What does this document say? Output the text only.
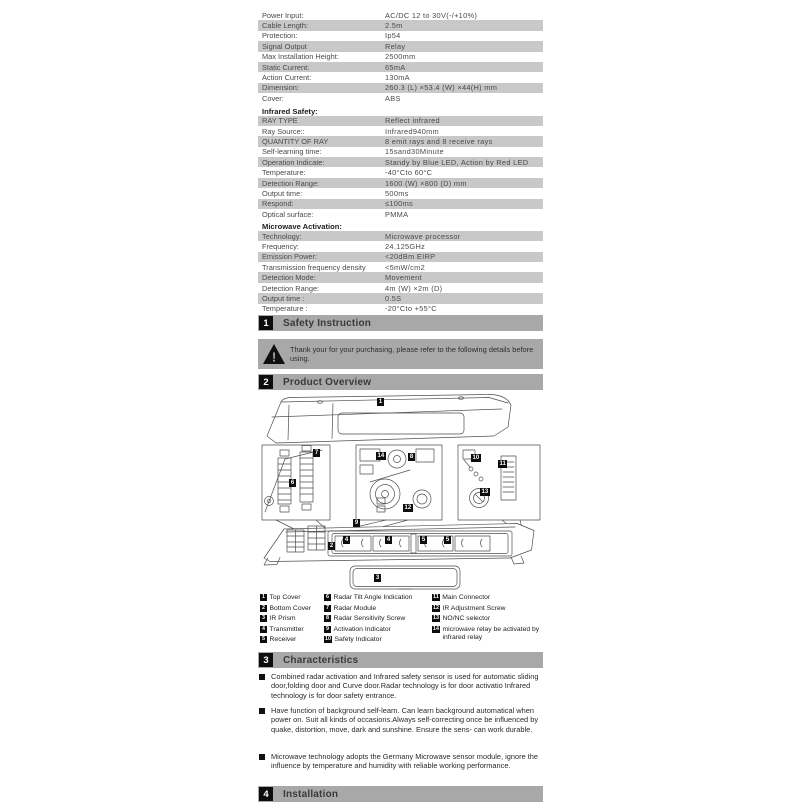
Power Input:	AC/DC 12 to 30V(-/+10%)
Cable Length:	2.5m
Protection:	Ip54
Signal Output	Relay
Max Installation Height:	2500mm
Static Current:	65mA
Action Current:	130mA
Dimension:	260.3 (L) ×53.4 (W) ×44(H) mm
Cover:	ABS
Infrared Safety:
RAY TYPE	Reflect infrared
Ray Source::	Infrared940mm
QUANTITY OF RAY	8 emit rays and 8 receive rays
Self-learning time:	15sand30Minute
Operation Indicate:	Standy by Blue LED, Action by Red LED
Temperature:	-40°Cto 60°C
Detection Range:	1600 (W) ×800 (D) mm
Output time:	500ms
Respond:	≤100ms
Optical surface:	PMMA
Microwave Activation:
Technology:	Microwave processor
Frequency:	24.125GHz
Emission Power:	<20dBm EIRP
Transmission frequency density	<5mW/cm2
Detection Mode:	Movement
Detection Range:	4m (W) ×2m (D)
Output time :	0.5S
Temperature :	-20°Cto +55°C
1	Safety Instruction
! Thank your for your purchasing, please refer to the following details before using.
2	Product Overview
1
2
3
4	4	5	5
6
7
8
9
10
11
12
13
14
1 Top Cover
2 Bottom Cover
3 IR Prism
4 Transmitter
5 Receiver
6 Radar Tilt Angle Indication
7 Radar Module
8 Radar Sensitivity Screw
9 Activation Indicator
10 Safety Indicator
11 Main Connector
12 IR Adjustment Screw
13 NO/NC selector
14 microwave relay be activated by infrared relay
3	Characteristics
Combined radar activation and Infrared safety sensor is used for automatic sliding door,folding door and Curve door.Radar technology is for door activatio Infrared technology is for door safety entrance.
Have function of background self-learn. Can learn background automatical when power on. Suit all kinds of occasions.Always self-correcting once be influenced by quake, distortion, move, dark and sunshine. Ensure the sens- can work durable.
Microwave technology adopts the Germany Microwave sensor module, ignore the influence by temperature and humidity with reliable working performance.
4	Installation
